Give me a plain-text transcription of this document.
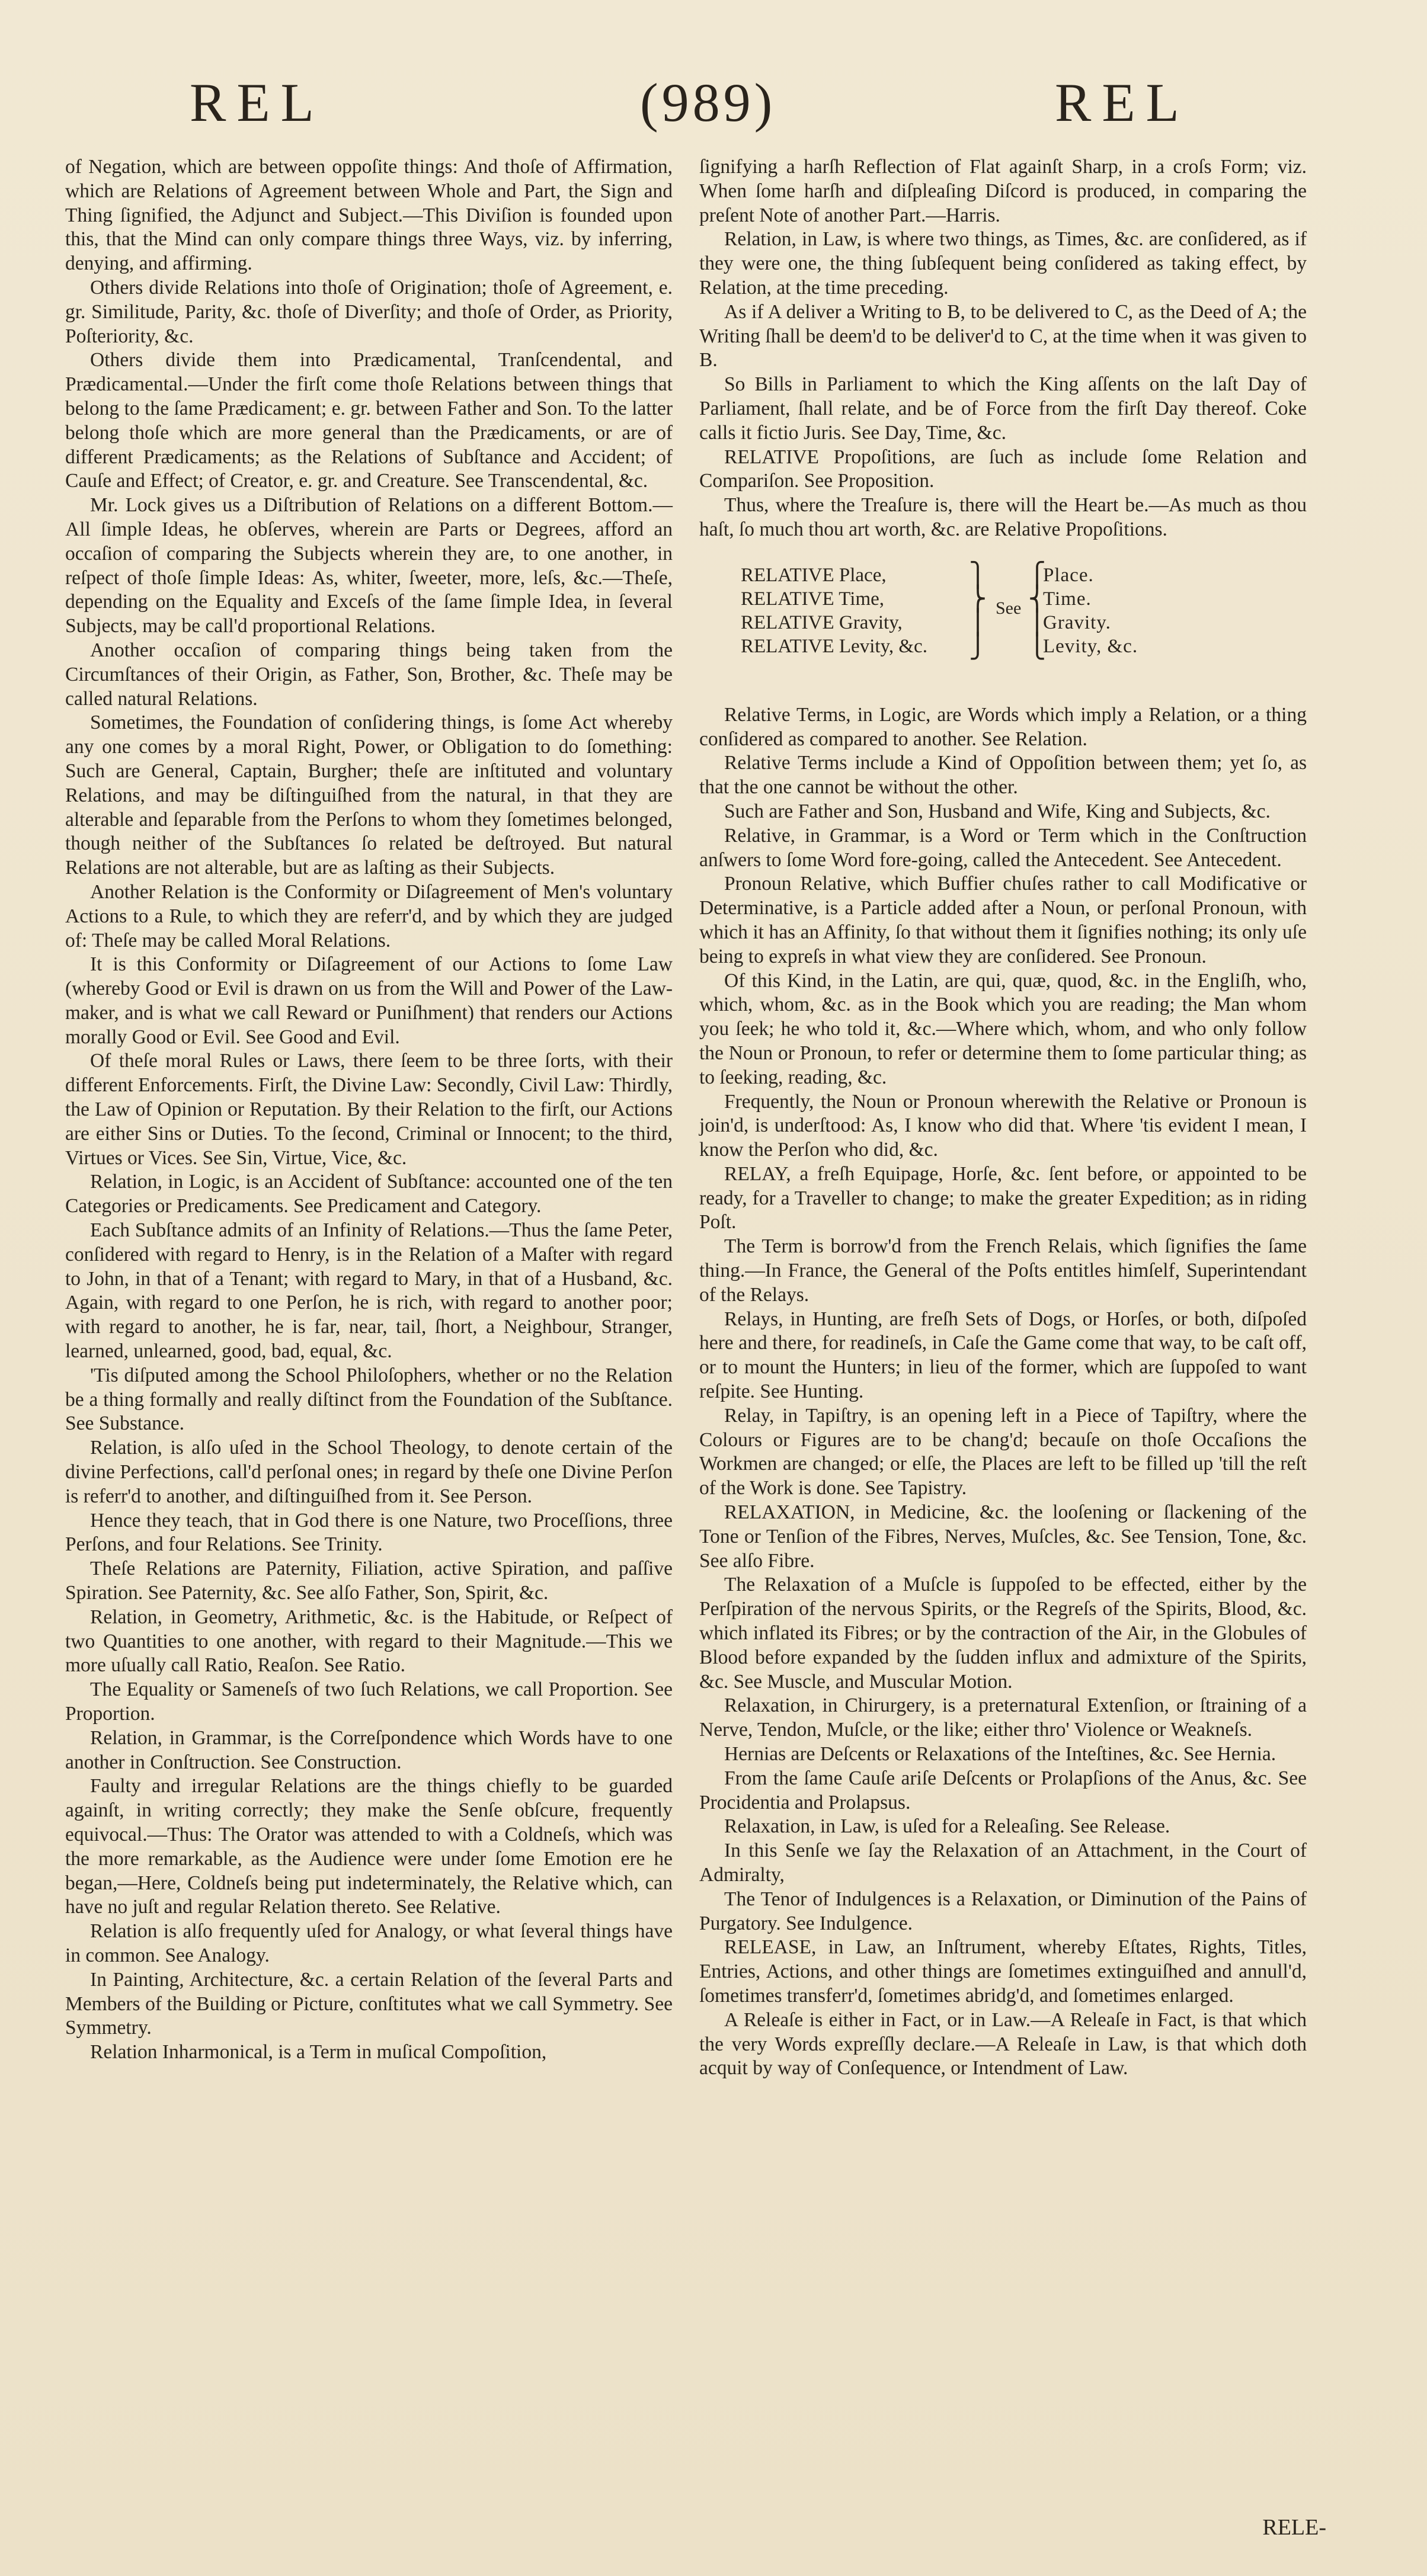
REL	(989)	REL

of Negation, which are between oppoſite things: And thoſe of Affirmation, which are Relations of Agreement between Whole and Part, the Sign and Thing ſignified, the Adjunct and Subject.—This Diviſion is founded upon this, that the Mind can only compare things three Ways, viz. by inferring, denying, and affirming.

Others divide Relations into thoſe of Origination; thoſe of Agreement, e. gr. Similitude, Parity, &c. thoſe of Diverſity; and thoſe of Order, as Priority, Poſteriority, &c.

Others divide them into Prædicamental, Tranſcendental, and Prædicamental.—Under the firſt come thoſe Relations between things that belong to the ſame Prædicament; e. gr. between Father and Son. To the latter belong thoſe which are more general than the Prædicaments, or are of different Prædicaments; as the Relations of Subſtance and Accident; of Cauſe and Effect; of Creator, e. gr. and Creature. See Transcendental, &c.

Mr. Lock gives us a Diſtribution of Relations on a different Bottom.—All ſimple Ideas, he obſerves, wherein are Parts or Degrees, afford an occaſion of comparing the Subjects wherein they are, to one another, in reſpect of thoſe ſimple Ideas: As, whiter, ſweeter, more, leſs, &c.—Theſe, depending on the Equality and Exceſs of the ſame ſimple Idea, in ſeveral Subjects, may be call'd proportional Relations.

Another occaſion of comparing things being taken from the Circumſtances of their Origin, as Father, Son, Brother, &c. Theſe may be called natural Relations.

Sometimes, the Foundation of conſidering things, is ſome Act whereby any one comes by a moral Right, Power, or Obligation to do ſomething: Such are General, Captain, Burgher; theſe are inſtituted and voluntary Relations, and may be diſtinguiſhed from the natural, in that they are alterable and ſeparable from the Perſons to whom they ſometimes belonged, though neither of the Subſtances ſo related be deſtroyed. But natural Relations are not alterable, but are as laſting as their Subjects.

Another Relation is the Conformity or Diſagreement of Men's voluntary Actions to a Rule, to which they are referr'd, and by which they are judged of: Theſe may be called Moral Relations.

It is this Conformity or Diſagreement of our Actions to ſome Law (whereby Good or Evil is drawn on us from the Will and Power of the Law-maker, and is what we call Reward or Puniſhment) that renders our Actions morally Good or Evil. See Good and Evil.

Of theſe moral Rules or Laws, there ſeem to be three ſorts, with their different Enforcements. Firſt, the Divine Law: Secondly, Civil Law: Thirdly, the Law of Opinion or Reputation. By their Relation to the firſt, our Actions are either Sins or Duties. To the ſecond, Criminal or Innocent; to the third, Virtues or Vices. See Sin, Virtue, Vice, &c.

Relation, in Logic, is an Accident of Subſtance: accounted one of the ten Categories or Predicaments. See Predicament and Category.

Each Subſtance admits of an Infinity of Relations.—Thus the ſame Peter, conſidered with regard to Henry, is in the Relation of a Maſter with regard to John, in that of a Tenant; with regard to Mary, in that of a Husband, &c. Again, with regard to one Perſon, he is rich, with regard to another poor; with regard to another, he is far, near, tail, ſhort, a Neighbour, Stranger, learned, unlearned, good, bad, equal, &c.

'Tis diſputed among the School Philoſophers, whether or no the Relation be a thing formally and really diſtinct from the Foundation of the Subſtance. See Substance.

Relation, is alſo uſed in the School Theology, to denote certain of the divine Perfections, call'd perſonal ones; in regard by theſe one Divine Perſon is referr'd to another, and diſtinguiſhed from it. See Person.

Hence they teach, that in God there is one Nature, two Proceſſions, three Perſons, and four Relations. See Trinity.

Theſe Relations are Paternity, Filiation, active Spiration, and paſſive Spiration. See Paternity, &c. See alſo Father, Son, Spirit, &c.

Relation, in Geometry, Arithmetic, &c. is the Habitude, or Reſpect of two Quantities to one another, with regard to their Magnitude.—This we more uſually call Ratio, Reaſon. See Ratio.

The Equality or Sameneſs of two ſuch Relations, we call Proportion. See Proportion.

Relation, in Grammar, is the Correſpondence which Words have to one another in Conſtruction. See Construction.

Faulty and irregular Relations are the things chiefly to be guarded againſt, in writing correctly; they make the Senſe obſcure, frequently equivocal.—Thus: The Orator was attended to with a Coldneſs, which was the more remarkable, as the Audience were under ſome Emotion ere he began,—Here, Coldneſs being put indeterminately, the Relative which, can have no juſt and regular Relation thereto. See Relative.

Relation is alſo frequently uſed for Analogy, or what ſeveral things have in common. See Analogy.

In Painting, Architecture, &c. a certain Relation of the ſeveral Parts and Members of the Building or Picture, conſtitutes what we call Symmetry. See Symmetry.

Relation Inharmonical, is a Term in muſical Compoſition,

ſignifying a harſh Reflection of Flat againſt Sharp, in a croſs Form; viz. When ſome harſh and diſpleaſing Diſcord is produced, in comparing the preſent Note of another Part.—Harris.

Relation, in Law, is where two things, as Times, &c. are conſidered, as if they were one, the thing ſubſequent being conſidered as taking effect, by Relation, at the time preceding.

As if A deliver a Writing to B, to be delivered to C, as the Deed of A; the Writing ſhall be deem'd to be deliver'd to C, at the time when it was given to B.

So Bills in Parliament to which the King aſſents on the laſt Day of Parliament, ſhall relate, and be of Force from the firſt Day thereof. Coke calls it fictio Juris. See Day, Time, &c.

RELATIVE Propoſitions, are ſuch as include ſome Relation and Compariſon. See Proposition.

Thus, where the Treaſure is, there will the Heart be.—As much as thou haſt, ſo much thou art worth, &c. are Relative Propoſitions.

RELATIVE Place,
RELATIVE Time,
RELATIVE Gravity,
RELATIVE Levity, &c.
⎫
⎬
⎪
⎭
See
⎧
⎨
⎪
⎩
Place.
Time.
Gravity.
Levity, &c.

Relative Terms, in Logic, are Words which imply a Relation, or a thing conſidered as compared to another. See Relation.

Relative Terms include a Kind of Oppoſition between them; yet ſo, as that the one cannot be without the other.

Such are Father and Son, Husband and Wife, King and Subjects, &c.

Relative, in Grammar, is a Word or Term which in the Conſtruction anſwers to ſome Word fore-going, called the Antecedent. See Antecedent.

Pronoun Relative, which Buffier chuſes rather to call Modificative or Determinative, is a Particle added after a Noun, or perſonal Pronoun, with which it has an Affinity, ſo that without them it ſignifies nothing; its only uſe being to expreſs in what view they are conſidered. See Pronoun.

Of this Kind, in the Latin, are qui, quæ, quod, &c. in the Engliſh, who, which, whom, &c. as in the Book which you are reading; the Man whom you ſeek; he who told it, &c.—Where which, whom, and who only follow the Noun or Pronoun, to refer or determine them to ſome particular thing; as to ſeeking, reading, &c.

Frequently, the Noun or Pronoun wherewith the Relative or Pronoun is join'd, is underſtood: As, I know who did that. Where 'tis evident I mean, I know the Perſon who did, &c.

RELAY, a freſh Equipage, Horſe, &c. ſent before, or appointed to be ready, for a Traveller to change; to make the greater Expedition; as in riding Poſt.

The Term is borrow'd from the French Relais, which ſignifies the ſame thing.—In France, the General of the Poſts entitles himſelf, Superintendant of the Relays.

Relays, in Hunting, are freſh Sets of Dogs, or Horſes, or both, diſpoſed here and there, for readineſs, in Caſe the Game come that way, to be caſt off, or to mount the Hunters; in lieu of the former, which are ſuppoſed to want reſpite. See Hunting.

Relay, in Tapiſtry, is an opening left in a Piece of Tapiſtry, where the Colours or Figures are to be chang'd; becauſe on thoſe Occaſions the Workmen are changed; or elſe, the Places are left to be filled up 'till the reſt of the Work is done. See Tapistry.

RELAXATION, in Medicine, &c. the looſening or ſlackening of the Tone or Tenſion of the Fibres, Nerves, Muſcles, &c. See Tension, Tone, &c. See alſo Fibre.

The Relaxation of a Muſcle is ſuppoſed to be effected, either by the Perſpiration of the nervous Spirits, or the Regreſs of the Spirits, Blood, &c. which inflated its Fibres; or by the contraction of the Air, in the Globules of Blood before expanded by the ſudden influx and admixture of the Spirits, &c. See Muscle, and Muscular Motion.

Relaxation, in Chirurgery, is a preternatural Extenſion, or ſtraining of a Nerve, Tendon, Muſcle, or the like; either thro' Violence or Weakneſs.

Hernias are Deſcents or Relaxations of the Inteſtines, &c. See Hernia.

From the ſame Cauſe ariſe Deſcents or Prolapſions of the Anus, &c. See Procidentia and Prolapsus.

Relaxation, in Law, is uſed for a Releaſing. See Release.

In this Senſe we ſay the Relaxation of an Attachment, in the Court of Admiralty,

The Tenor of Indulgences is a Relaxation, or Diminution of the Pains of Purgatory. See Indulgence.

RELEASE, in Law, an Inſtrument, whereby Eſtates, Rights, Titles, Entries, Actions, and other things are ſometimes extinguiſhed and annull'd, ſometimes transferr'd, ſometimes abridg'd, and ſometimes enlarged.

A Releaſe is either in Fact, or in Law.—A Releaſe in Fact, is that which the very Words expreſſly declare.—A Releaſe in Law, is that which doth acquit by way of Conſequence, or Intendment of Law.

RELE-
